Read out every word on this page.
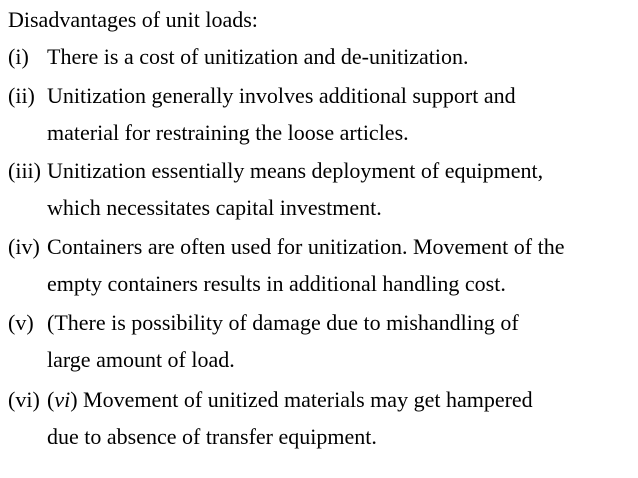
Disadvantages of unit loads:
(i) There is a cost of unitization and de-unitization.
(ii) Unitization generally involves additional support and
material for restraining the loose articles.
(iii) Unitization essentially means deployment of equipment,
which necessitates capital investment.
(iv) Containers are often used for unitization. Movement of the
empty containers results in additional handling cost.
(v) (There is possibility of damage due to mishandling of
large amount of load.
(vi) (vi) Movement of unitized materials may get hampered
due to absence of transfer equipment.
